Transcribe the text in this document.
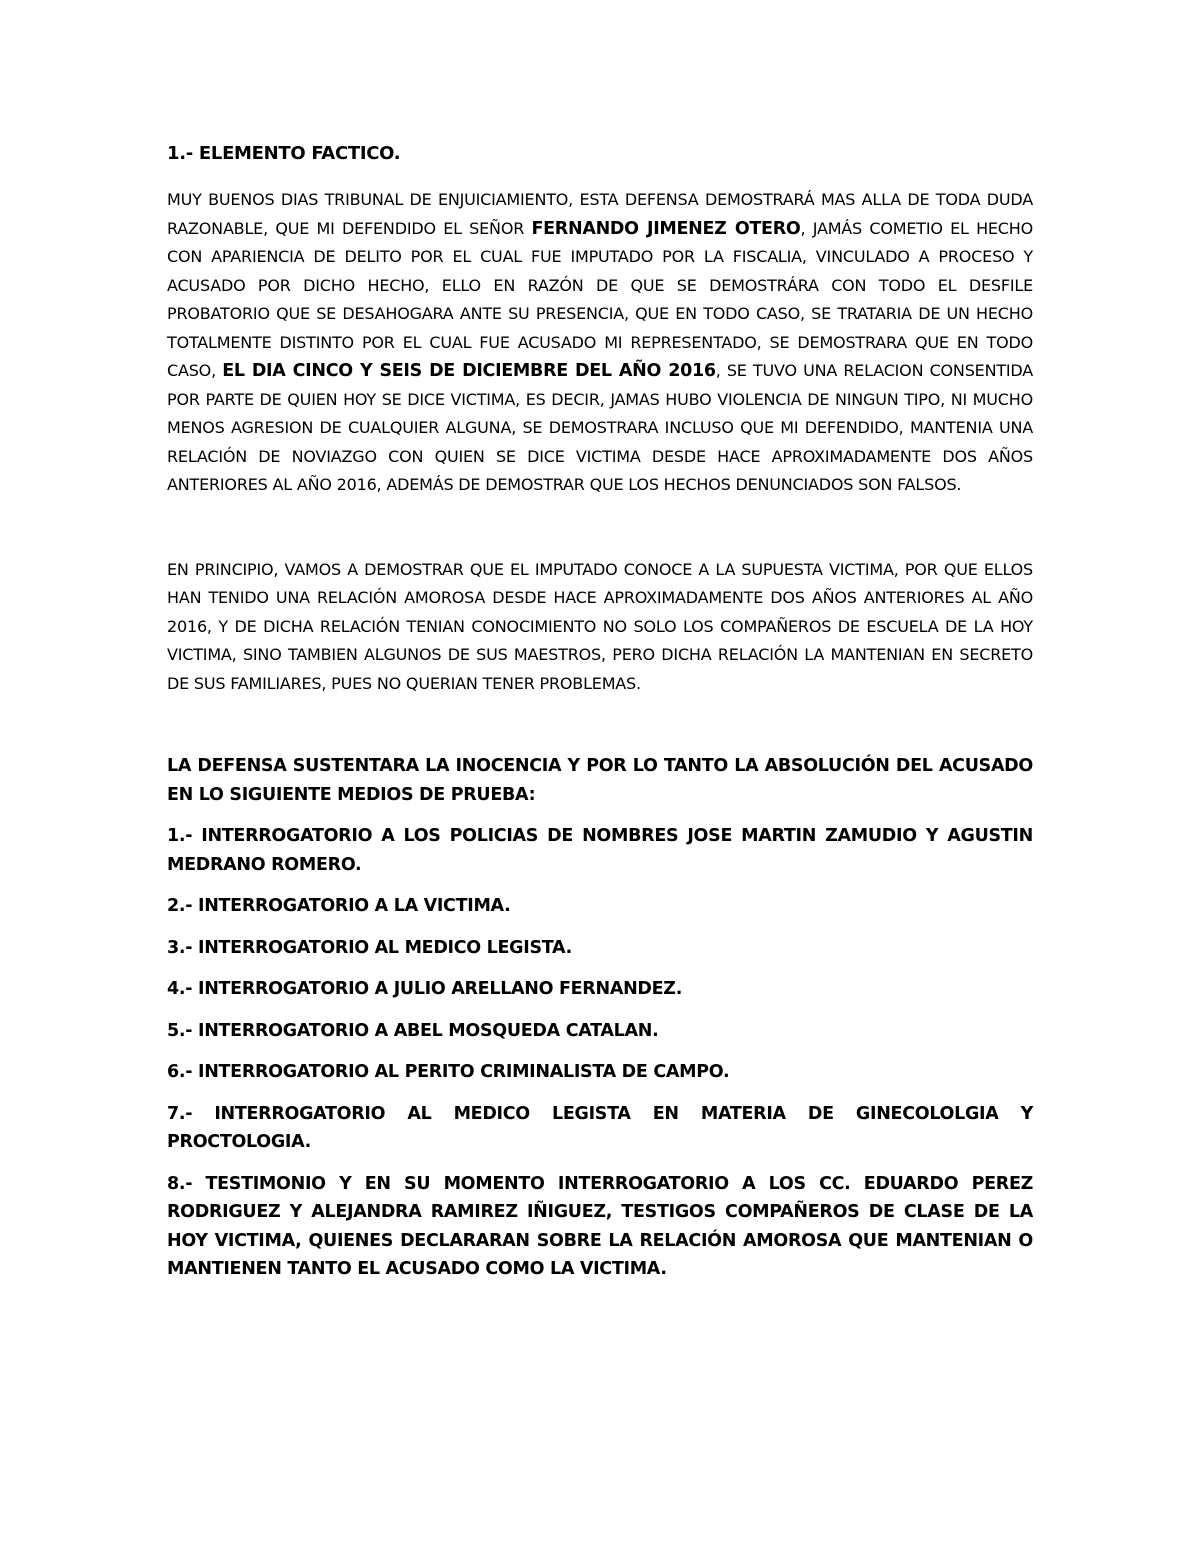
1.- ELEMENTO FACTICO.

MUY BUENOS DIAS TRIBUNAL DE ENJUICIAMIENTO, ESTA DEFENSA DEMOSTRARÁ MAS ALLA DE TODA DUDA RAZONABLE, QUE MI DEFENDIDO EL SEÑOR FERNANDO JIMENEZ OTERO, JAMÁS COMETIO EL HECHO CON APARIENCIA DE DELITO POR EL CUAL FUE IMPUTADO POR LA FISCALIA, VINCULADO A PROCESO Y ACUSADO POR DICHO HECHO, ELLO EN RAZÓN DE QUE SE DEMOSTRÁRA CON TODO EL DESFILE PROBATORIO QUE SE DESAHOGARA ANTE SU PRESENCIA, QUE EN TODO CASO, SE TRATARIA DE UN HECHO TOTALMENTE DISTINTO POR EL CUAL FUE ACUSADO MI REPRESENTADO, SE DEMOSTRARA QUE EN TODO CASO, EL DIA CINCO Y SEIS DE DICIEMBRE DEL AÑO 2016, SE TUVO UNA RELACION CONSENTIDA POR PARTE DE QUIEN HOY SE DICE VICTIMA, ES DECIR, JAMAS HUBO VIOLENCIA DE NINGUN TIPO, NI MUCHO MENOS AGRESION DE CUALQUIER ALGUNA, SE DEMOSTRARA INCLUSO QUE MI DEFENDIDO, MANTENIA UNA RELACIÓN DE NOVIAZGO CON QUIEN SE DICE VICTIMA DESDE HACE APROXIMADAMENTE DOS AÑOS ANTERIORES AL AÑO 2016, ADEMÁS DE DEMOSTRAR QUE LOS HECHOS DENUNCIADOS SON FALSOS.

EN PRINCIPIO, VAMOS A DEMOSTRAR QUE EL IMPUTADO CONOCE A LA SUPUESTA VICTIMA, POR QUE ELLOS HAN TENIDO UNA RELACIÓN AMOROSA DESDE HACE APROXIMADAMENTE DOS AÑOS ANTERIORES AL AÑO 2016, Y DE DICHA RELACIÓN TENIAN CONOCIMIENTO NO SOLO LOS COMPAÑEROS DE ESCUELA DE LA HOY VICTIMA, SINO TAMBIEN ALGUNOS DE SUS MAESTROS, PERO DICHA RELACIÓN LA MANTENIAN EN SECRETO DE SUS FAMILIARES, PUES NO QUERIAN TENER PROBLEMAS.

LA DEFENSA SUSTENTARA LA INOCENCIA Y POR LO TANTO LA ABSOLUCIÓN DEL ACUSADO EN LO SIGUIENTE MEDIOS DE PRUEBA:

1.- INTERROGATORIO A LOS POLICIAS DE NOMBRES JOSE MARTIN ZAMUDIO Y AGUSTIN MEDRANO ROMERO.

2.- INTERROGATORIO A LA VICTIMA.

3.- INTERROGATORIO AL MEDICO LEGISTA.

4.- INTERROGATORIO A JULIO ARELLANO FERNANDEZ.

5.- INTERROGATORIO A ABEL MOSQUEDA CATALAN.

6.- INTERROGATORIO AL PERITO CRIMINALISTA DE CAMPO.

7.- INTERROGATORIO AL MEDICO LEGISTA EN MATERIA DE GINECOLOLGIA Y PROCTOLOGIA.

8.- TESTIMONIO Y EN SU MOMENTO INTERROGATORIO A LOS CC. EDUARDO PEREZ RODRIGUEZ Y ALEJANDRA RAMIREZ IÑIGUEZ, TESTIGOS COMPAÑEROS DE CLASE DE LA HOY VICTIMA, QUIENES DECLARARAN SOBRE LA RELACIÓN AMOROSA QUE MANTENIAN O MANTIENEN TANTO EL ACUSADO COMO LA VICTIMA.
